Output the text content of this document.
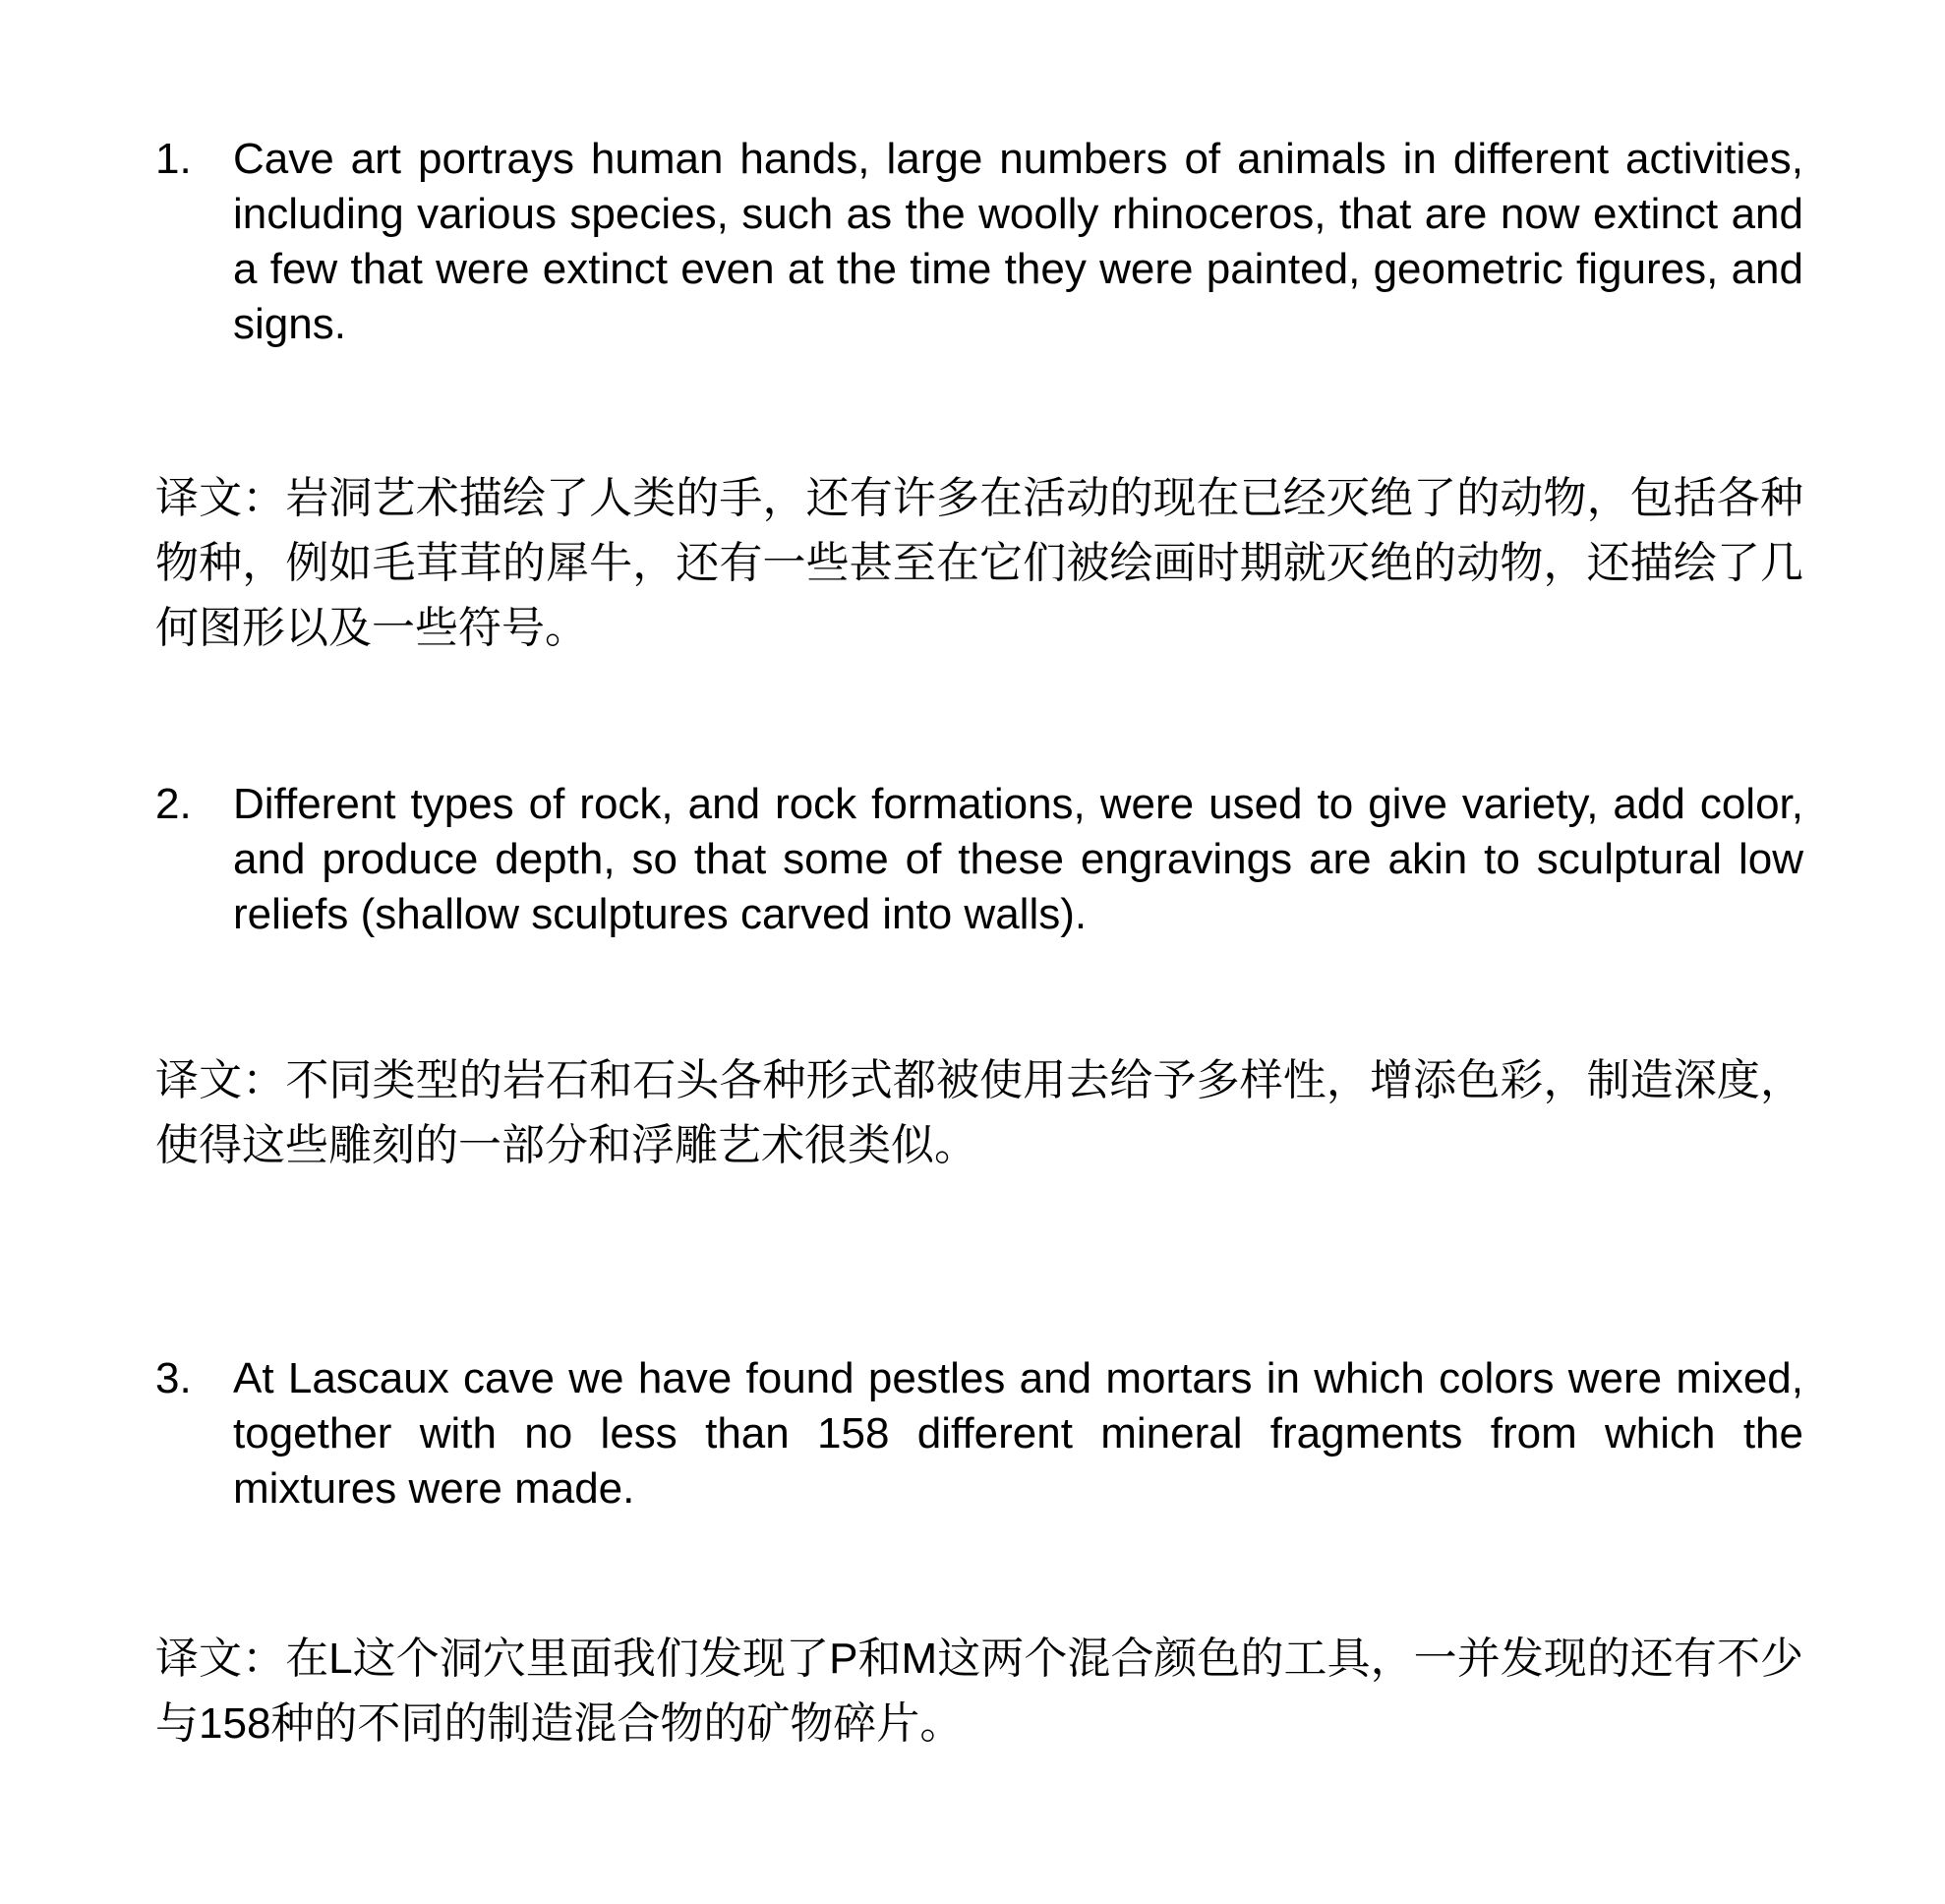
1. Cave art portrays human hands, large numbers of animals in different activities, including various species, such as the woolly rhinoceros, that are now extinct and a few that were extinct even at the time they were painted, geometric figures, and signs.
译文：岩洞艺术描绘了人类的手，还有许多在活动的现在已经灭绝了的动物，包括各种物种，例如毛茸茸的犀牛，还有一些甚至在它们被绘画时期就灭绝的动物，还描绘了几何图形以及一些符号。
2. Different types of rock, and rock formations, were used to give variety, add color, and produce depth, so that some of these engravings are akin to sculptural low reliefs (shallow sculptures carved into walls).
译文：不同类型的岩石和石头各种形式都被使用去给予多样性，增添色彩，制造深度，使得这些雕刻的一部分和浮雕艺术很类似。
3. At Lascaux cave we have found pestles and mortars in which colors were mixed, together with no less than 158 different mineral fragments from which the mixtures were made.
译文：在L这个洞穴里面我们发现了P和M这两个混合颜色的工具，一并发现的还有不少与158种的不同的制造混合物的矿物碎片。
